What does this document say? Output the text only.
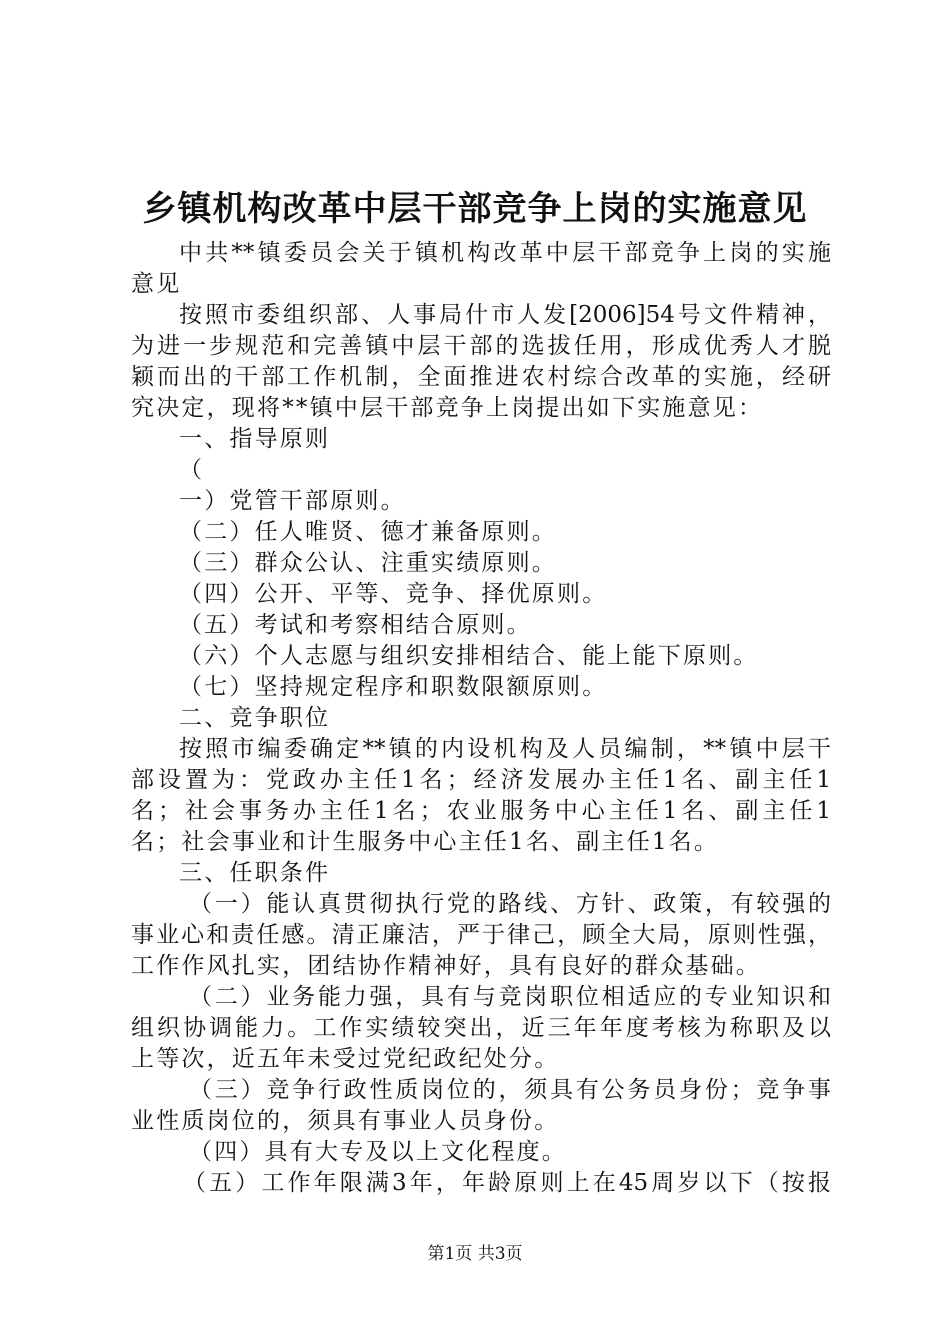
乡镇机构改革中层干部竞争上岗的实施意见
中共**镇委员会关于镇机构改革中层干部竞争上岗的实施
意见
按照市委组织部、人事局什市人发[2006]54号文件精神，
为进一步规范和完善镇中层干部的选拔任用，形成优秀人才脱
颖而出的干部工作机制，全面推进农村综合改革的实施，经研
究决定，现将**镇中层干部竞争上岗提出如下实施意见：
一、指导原则
（
一）党管干部原则。
（二）任人唯贤、德才兼备原则。
（三）群众公认、注重实绩原则。
（四）公开、平等、竞争、择优原则。
（五）考试和考察相结合原则。
（六）个人志愿与组织安排相结合、能上能下原则。
（七）坚持规定程序和职数限额原则。
二、竞争职位
按照市编委确定**镇的内设机构及人员编制，**镇中层干
部设置为：党政办主任1名；经济发展办主任1名、副主任1
名；社会事务办主任1名；农业服务中心主任1名、副主任1
名；社会事业和计生服务中心主任1名、副主任1名。
三、任职条件
（一）能认真贯彻执行党的路线、方针、政策，有较强的
事业心和责任感。清正廉洁，严于律己，顾全大局，原则性强，
工作作风扎实，团结协作精神好，具有良好的群众基础。
（二）业务能力强，具有与竞岗职位相适应的专业知识和
组织协调能力。工作实绩较突出，近三年年度考核为称职及以
上等次，近五年未受过党纪政纪处分。
（三）竞争行政性质岗位的，须具有公务员身份；竞争事
业性质岗位的，须具有事业人员身份。
（四）具有大专及以上文化程度。
（五）工作年限满3年，年龄原则上在45周岁以下（按报
第1页 共3页
